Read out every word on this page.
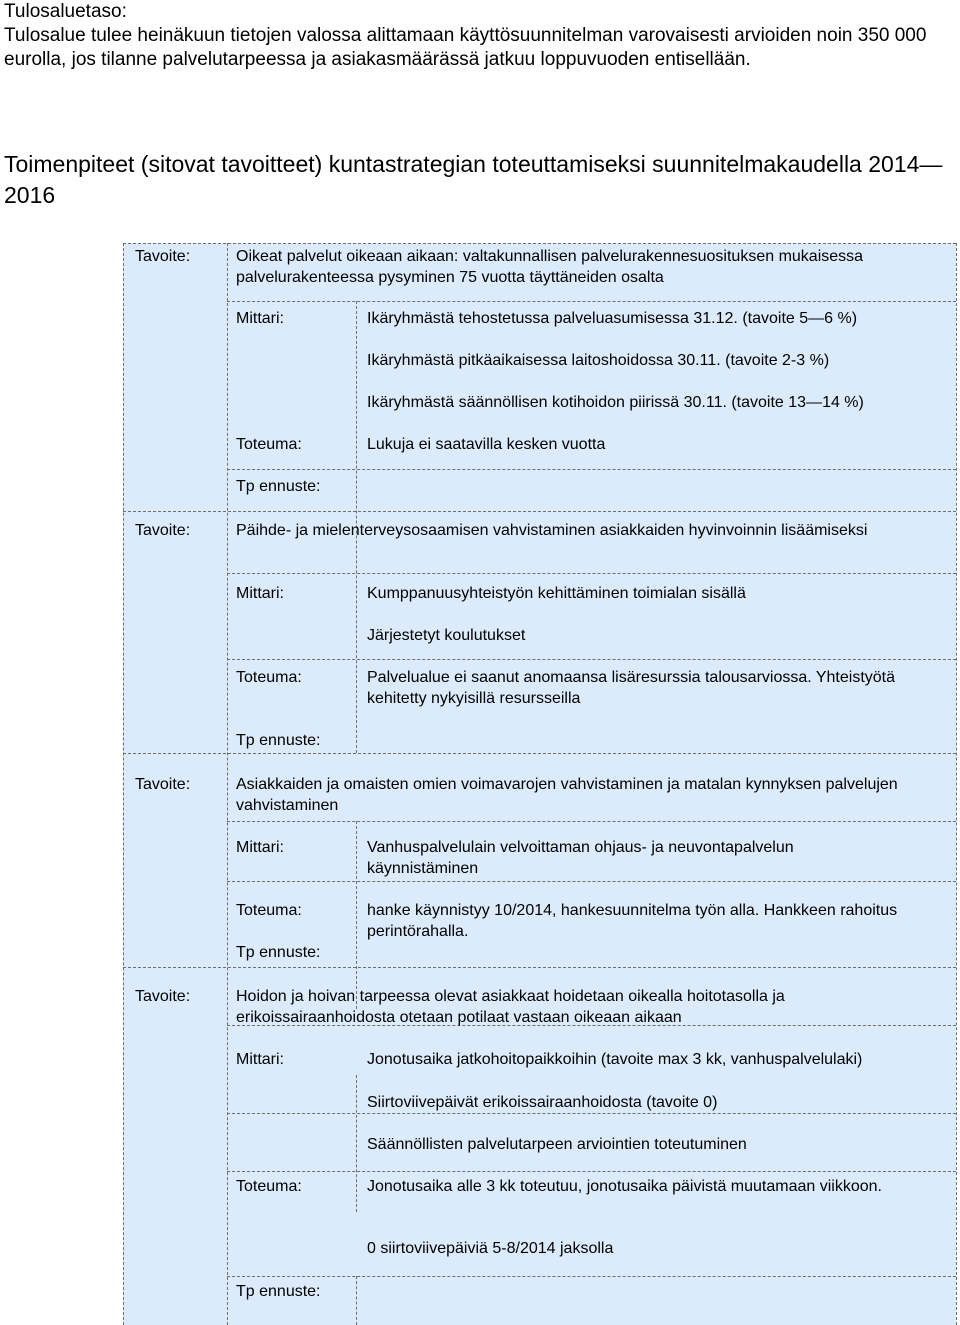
Tulosaluetaso:

Tulosalue tulee heinäkuun tietojen valossa alittamaan käyttösuunnitelman varovaisesti arvioiden noin 350 000 eurolla, jos tilanne palvelutarpeessa ja asiakasmäärässä jatkuu loppuvuoden entisellään.

Toimenpiteet (sitovat tavoitteet) kuntastrategian toteuttamiseksi suunnitelmakaudella 2014—2016
Tavoite:	Oikeat palvelut oikeaan aikaan: valtakunnallisen palvelurakennesuosituksen mukaisessa palvelurakenteessa pysyminen 75 vuotta täyttäneiden osalta
Mittari:	Ikäryhmästä tehostetussa palveluasumisessa 31.12. (tavoite 5—6 %)
Ikäryhmästä pitkäaikaisessa laitoshoidossa 30.11. (tavoite 2-3 %)
Ikäryhmästä säännöllisen kotihoidon piirissä 30.11. (tavoite 13—14 %)
Toteuma:	Lukuja ei saatavilla kesken vuotta
Tp ennuste:
Tavoite:	Päihde- ja mielenterveysosaamisen vahvistaminen asiakkaiden hyvinvoinnin lisäämiseksi
Mittari:	Kumppanuusyhteistyön kehittäminen toimialan sisällä
Järjestetyt koulutukset
Toteuma:	Palvelualue ei saanut anomaansa lisäresurssia talousarviossa. Yhteistyötä kehitetty nykyisillä resursseilla
Tp ennuste:
Tavoite:	Asiakkaiden ja omaisten omien voimavarojen vahvistaminen ja matalan kynnyksen palvelujen vahvistaminen
Mittari:	Vanhuspalvelulain velvoittaman ohjaus- ja neuvontapalvelun käynnistäminen
Toteuma:	hanke käynnistyy 10/2014, hankesuunnitelma työn alla. Hankkeen rahoitus perintörahalla.
Tp ennuste:
Tavoite:	Hoidon ja hoivan tarpeessa olevat asiakkaat hoidetaan oikealla hoitotasolla ja erikoissairaanhoidosta otetaan potilaat vastaan oikeaan aikaan
Mittari:	Jonotusaika jatkohoitopaikkoihin (tavoite max 3 kk, vanhuspalvelulaki)
Siirtoviivepäivät erikoissairaanhoidosta (tavoite 0)
Säännöllisten palvelutarpeen arviointien toteutuminen
Toteuma:	Jonotusaika alle 3 kk toteutuu, jonotusaika päivistä muutamaan viikkoon.
0 siirtoviivepäiviä 5-8/2014 jaksolla
Tp ennuste:
